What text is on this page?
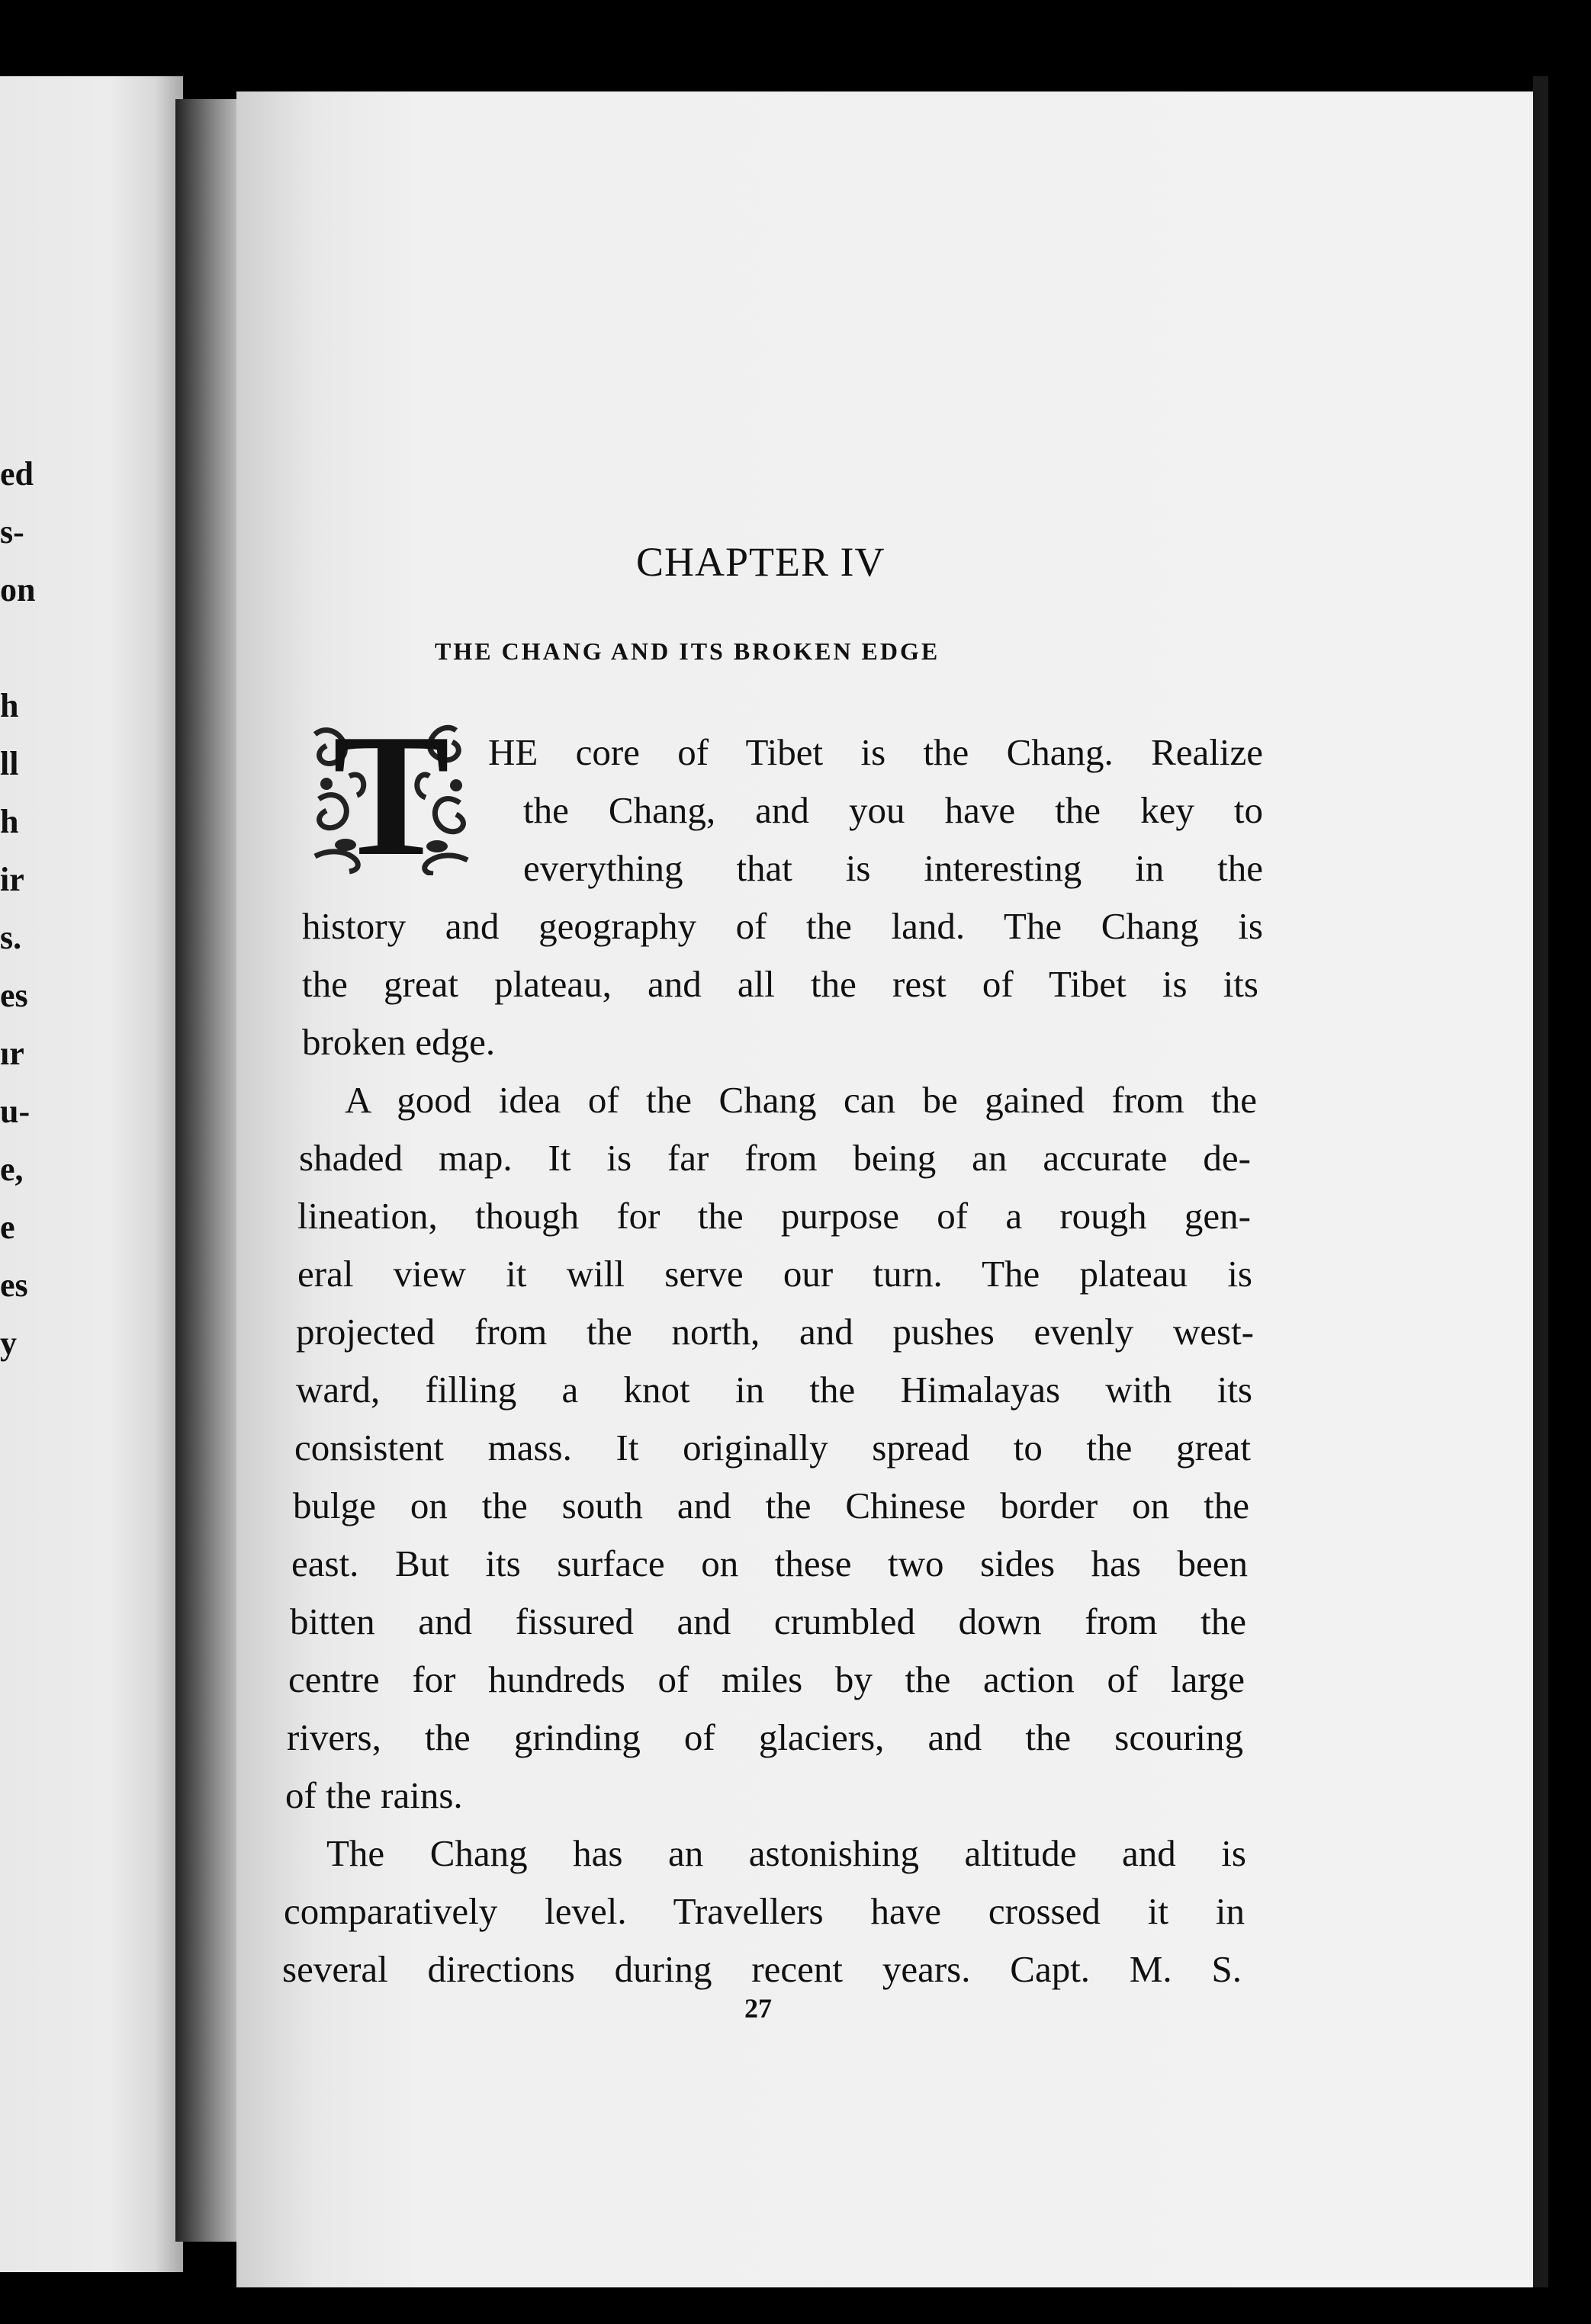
ed
s-
on
h
ll
h
ir
s.
es
ır
u-
e,
e
es
y
CHAPTER IV
THE CHANG AND ITS BROKEN EDGE
T	HE core of Tibet is the Chang. Realize
the Chang, and you have the key to
everything that is interesting in the
history and geography of the land. The Chang is
the great plateau, and all the rest of Tibet is its
broken edge.
A good idea of the Chang can be gained from the
shaded map. It is far from being an accurate de-
lineation, though for the purpose of a rough gen-
eral view it will serve our turn. The plateau is
projected from the north, and pushes evenly west-
ward, filling a knot in the Himalayas with its
consistent mass. It originally spread to the great
bulge on the south and the Chinese border on the
east. But its surface on these two sides has been
bitten and fissured and crumbled down from the
centre for hundreds of miles by the action of large
rivers, the grinding of glaciers, and the scouring
of the rains.
The Chang has an astonishing altitude and is
comparatively level. Travellers have crossed it in
several directions during recent years. Capt. M. S.
27
